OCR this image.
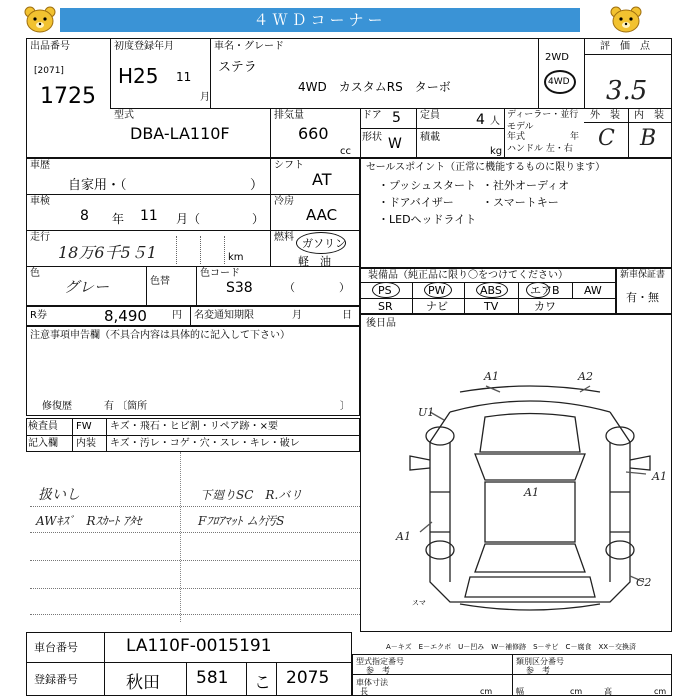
４ＷＤコーナー
出品番号
[2071]
1725
初度登録年月
H25 11
月
車名・グレード
ステラ
4WD　カスタムRS　ターボ
2WD
4WD
評　価　点
3.5
外　装 内　装
C B
型式
DBA-LA110F
排気量
660
cc
ドア 5
形状 W
定員	4 人
積載
kg
ディーラー・並行
モデル
年式	年
ハンドル 左・右
車歴
自家用・（	）
シフト
AT
車検
8 年 11 月（	）
冷房
AAC
走行
18万6千5５1	km
燃料 ガソリン
軽　油
（　　　　）
色
グレー	色替
色コード
S38
R券	8,490	円 名変通知期限	月	日
注意事項申告欄（不具合内容は具体的に記入して下さい）
修復歴	有 〔箇所	〕
検査員 FW キズ・飛石・ヒビ割・リペア跡・×要
記入欄 内装 キズ・汚レ・コゲ・穴・スレ・キレ・破レ
扱いし
AWｷｽﾞ　Rｽｶｰﾄ ｱﾀｾ
下廻りSC　R.バリ
Fﾌﾛｱﾏｯﾄ ムｹ汚S
セールスポイント（正常に機能するものに限ります）
・プッシュスタート ・社外オーディオ
・ドアバイザー	・スマートキー
・LEDヘッドライト
装備品（純正品に限り〇をつけてください）
PS	PW	ABS	エアB AW
SR	ナビ	TV	カワ
新車保証書
有・無
後日品
A1	A2
U1
A1
A1
A1
C2
スマ
A－キズ　E－エクボ　U－凹み　W－補修跡　S－サビ　C－腐食　XX－交換済
車台番号	LA110F-0015191
登録番号	秋田 581 こ 2075
型式指定番号
参　考
類別区分番号
参　考
車体寸法
長	cm	幅	cm	高	cm
